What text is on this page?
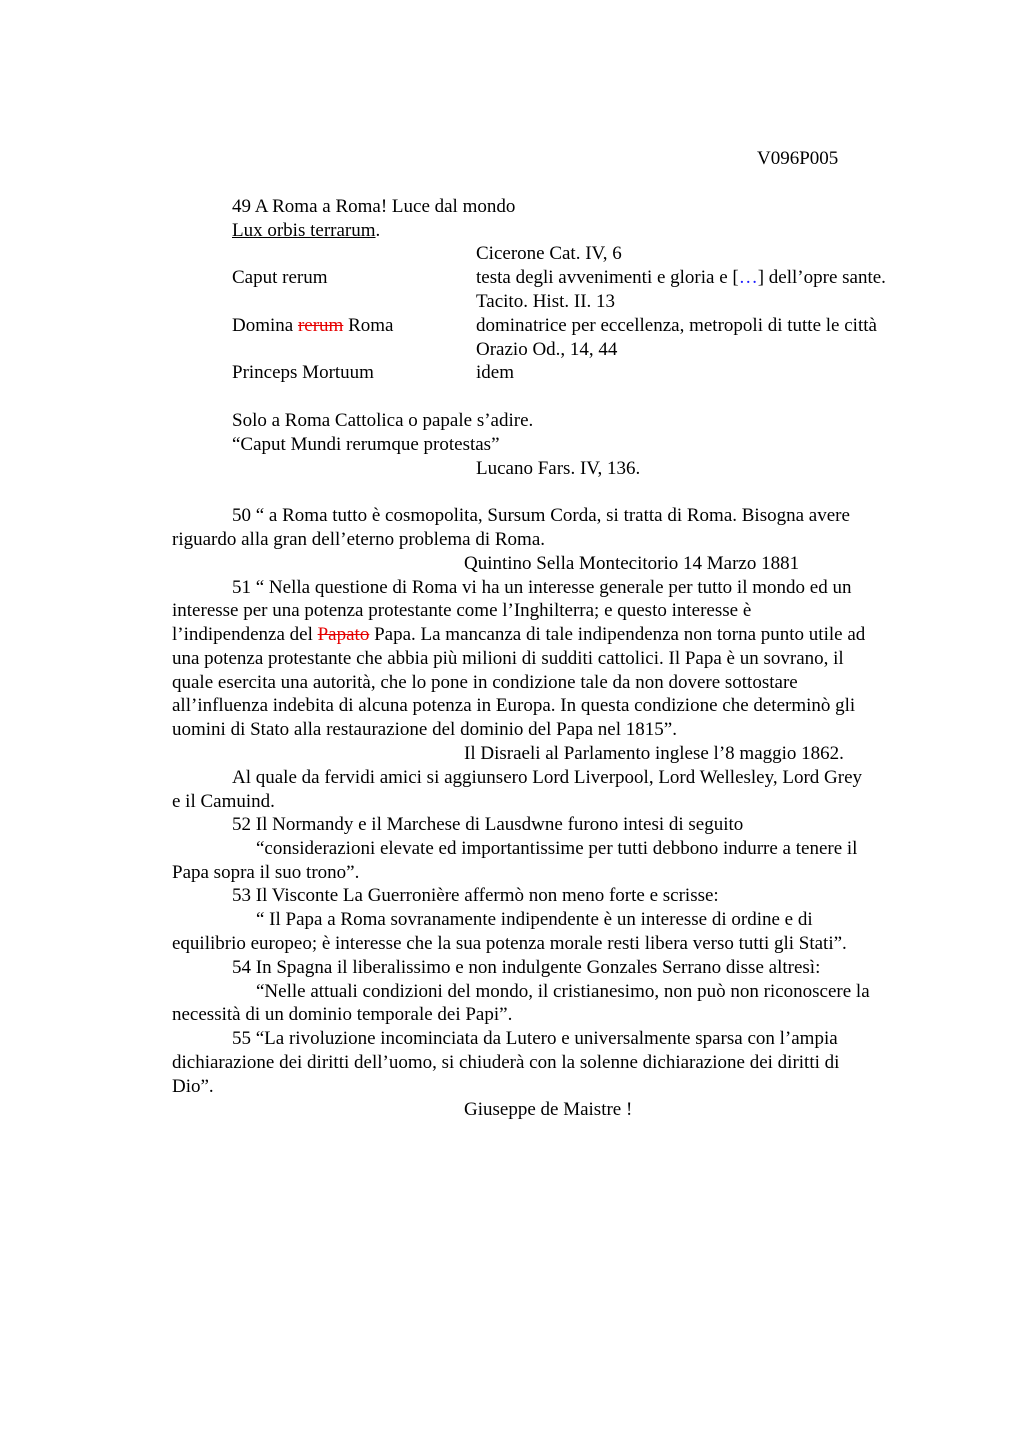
V096P005
49 A Roma a Roma! Luce dal mondo
Lux orbis terrarum.
Cicerone Cat. IV, 6
Caput rerum	testa degli avvenimenti e gloria e […] dell’opre sante.
Tacito. Hist. II. 13
Domina rerum Roma	dominatrice per eccellenza, metropoli di tutte le città
Orazio Od., 14, 44
Princeps Mortuum	idem
Solo a Roma Cattolica o papale s’adire.
“Caput Mundi rerumque protestas”
Lucano Fars. IV, 136.
50 “ a Roma tutto è cosmopolita, Sursum Corda, si tratta di Roma. Bisogna avere
riguardo alla gran dell’eterno problema di Roma.
Quintino Sella Montecitorio 14 Marzo 1881
51 “ Nella questione di Roma vi ha un interesse generale per tutto il mondo ed un
interesse per una potenza protestante come l’Inghilterra; e questo interesse è
l’indipendenza del Papato Papa. La mancanza di tale indipendenza non torna punto utile ad
una potenza protestante che abbia più milioni di sudditi cattolici. Il Papa è un sovrano, il
quale esercita una autorità, che lo pone in condizione tale da non dovere sottostare
all’influenza indebita di alcuna potenza in Europa. In questa condizione che determinò gli
uomini di Stato alla restaurazione del dominio del Papa nel 1815”.
Il Disraeli al Parlamento inglese l’8 maggio 1862.
Al quale da fervidi amici si aggiunsero Lord Liverpool, Lord Wellesley, Lord Grey
e il Camuind.
52 Il Normandy e il Marchese di Lausdwne furono intesi di seguito
“considerazioni elevate ed importantissime per tutti debbono indurre a tenere il
Papa sopra il suo trono”.
53 Il Visconte La Guerronière affermò non meno forte e scrisse:
“ Il Papa a Roma sovranamente indipendente è un interesse di ordine e di
equilibrio europeo; è interesse che la sua potenza morale resti libera verso tutti gli Stati”.
54 In Spagna il liberalissimo e non indulgente Gonzales Serrano disse altresì:
“Nelle attuali condizioni del mondo, il cristianesimo, non può non riconoscere la
necessità di un dominio temporale dei Papi”.
55 “La rivoluzione incominciata da Lutero e universalmente sparsa con l’ampia
dichiarazione dei diritti dell’uomo, si chiuderà con la solenne dichiarazione dei diritti di
Dio”.
Giuseppe de Maistre !
